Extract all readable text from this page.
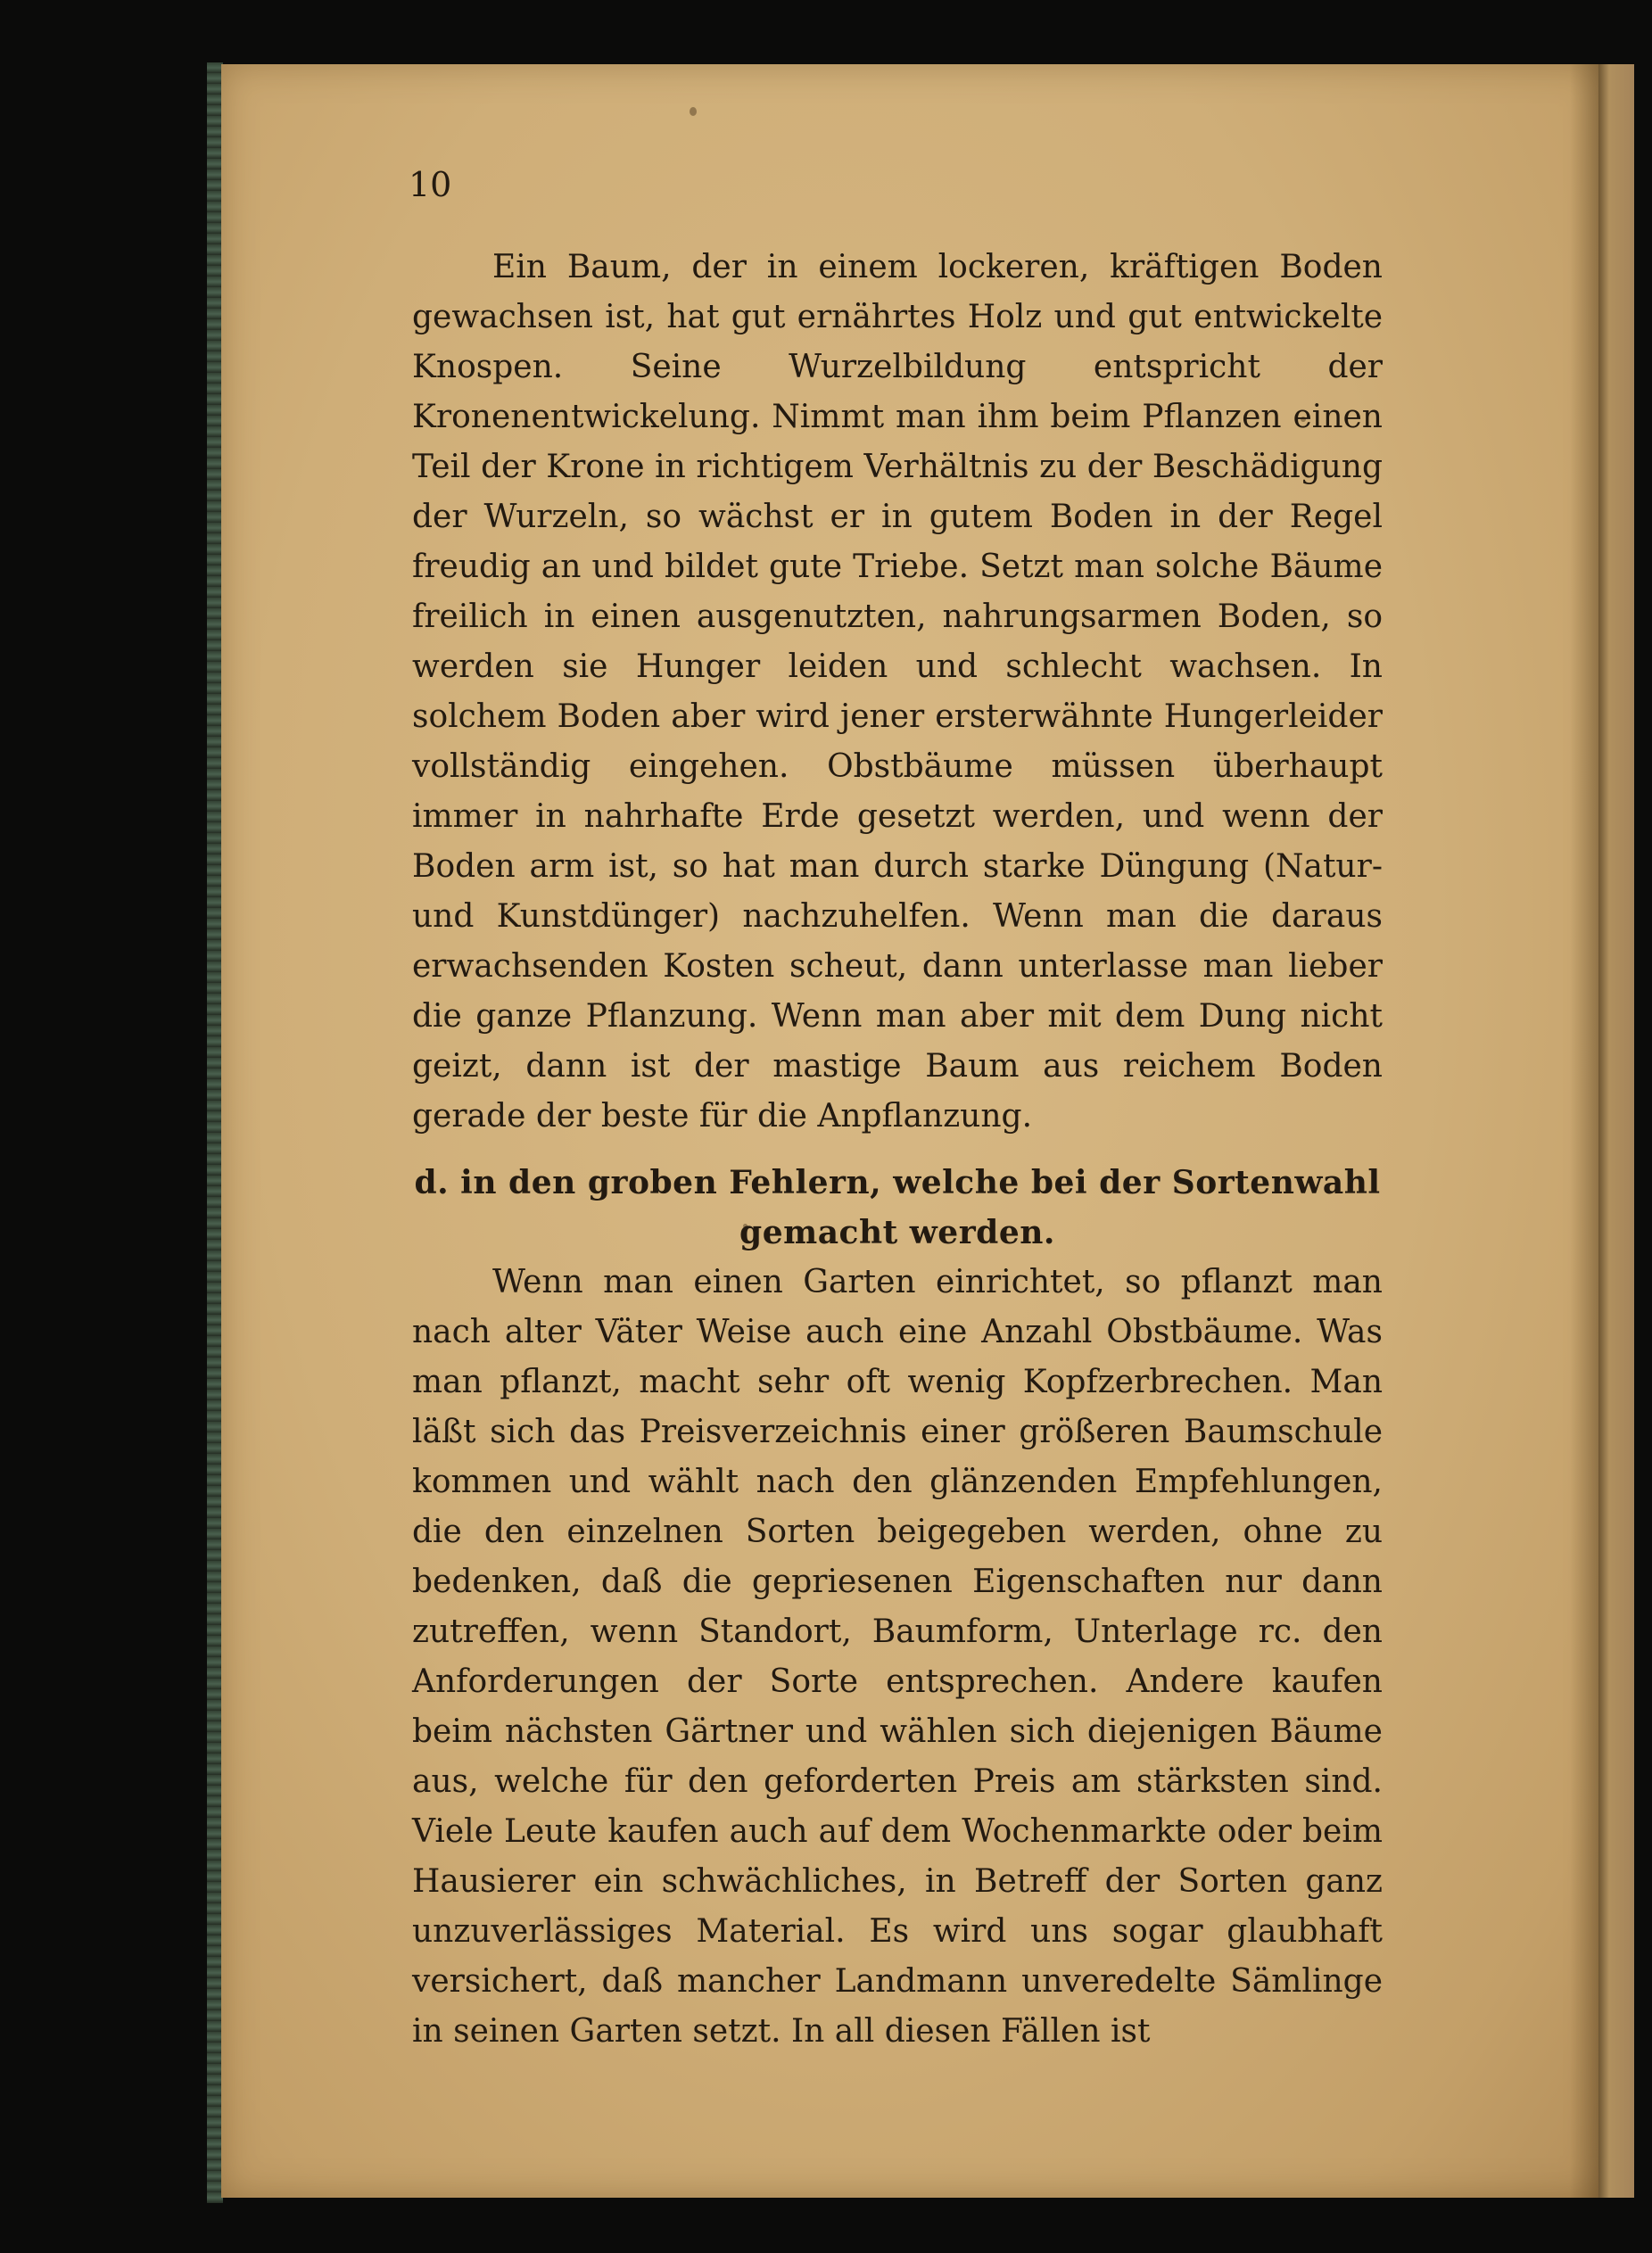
10

Ein Baum, der in einem lockeren, kräftigen Boden gewachsen ist, hat gut ernährtes Holz und gut entwickelte Knospen. Seine Wurzelbildung entspricht der Kronenentwickelung. Nimmt man ihm beim Pflanzen einen Teil der Krone in richtigem Verhältnis zu der Beschädigung der Wurzeln, so wächst er in gutem Boden in der Regel freudig an und bildet gute Triebe. Setzt man solche Bäume freilich in einen ausgenutzten, nahrungsarmen Boden, so werden sie Hunger leiden und schlecht wachsen. In solchem Boden aber wird jener ersterwähnte Hungerleider vollständig eingehen. Obstbäume müssen überhaupt immer in nahrhafte Erde gesetzt werden, und wenn der Boden arm ist, so hat man durch starke Düngung (Natur- und Kunstdünger) nachzuhelfen. Wenn man die daraus erwachsenden Kosten scheut, dann unterlasse man lieber die ganze Pflanzung. Wenn man aber mit dem Dung nicht geizt, dann ist der mastige Baum aus reichem Boden gerade der beste für die Anpflanzung.

d. in den groben Fehlern, welche bei der Sortenwahl gemacht werden.

Wenn man einen Garten einrichtet, so pflanzt man nach alter Väter Weise auch eine Anzahl Obstbäume. Was man pflanzt, macht sehr oft wenig Kopfzerbrechen. Man läßt sich das Preisverzeichnis einer größeren Baumschule kommen und wählt nach den glänzenden Empfehlungen, die den einzelnen Sorten beigegeben werden, ohne zu bedenken, daß die gepriesenen Eigenschaften nur dann zutreffen, wenn Standort, Baumform, Unterlage rc. den Anforderungen der Sorte entsprechen. Andere kaufen beim nächsten Gärtner und wählen sich diejenigen Bäume aus, welche für den geforderten Preis am stärksten sind. Viele Leute kaufen auch auf dem Wochenmarkte oder beim Hausierer ein schwächliches, in Betreff der Sorten ganz unzuverlässiges Material. Es wird uns sogar glaubhaft versichert, daß mancher Landmann unveredelte Sämlinge in seinen Garten setzt. In all diesen Fällen ist
